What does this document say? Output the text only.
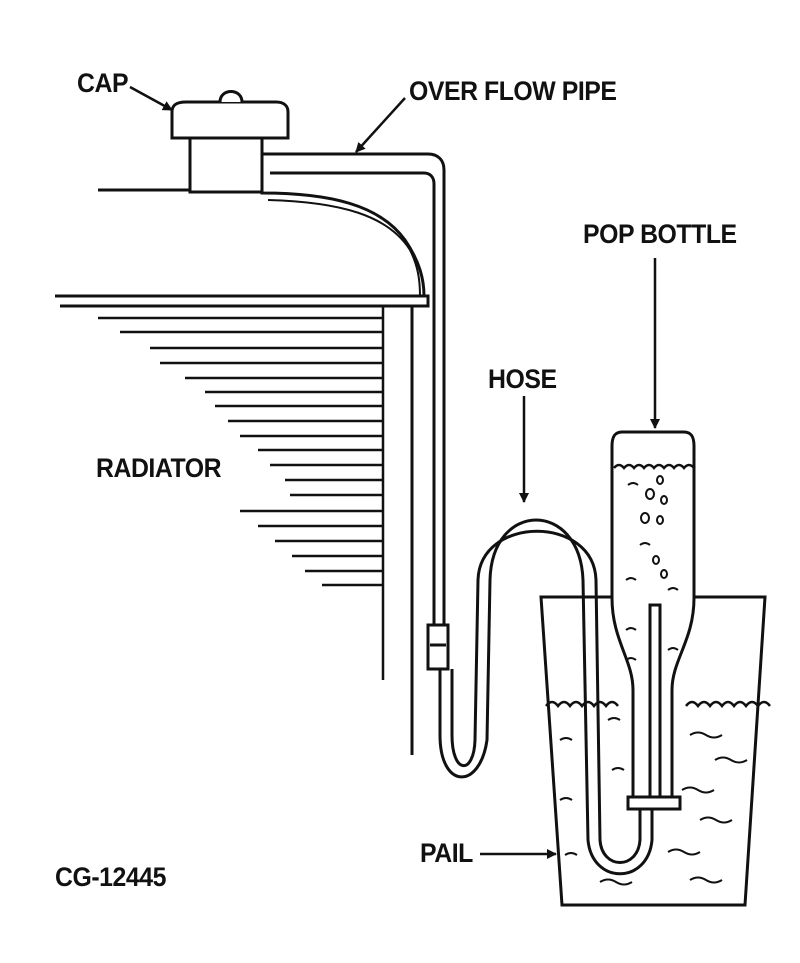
CAP	OVER FLOW PIPE
POP BOTTLE
HOSE
RADIATOR
PAIL
CG-12445
